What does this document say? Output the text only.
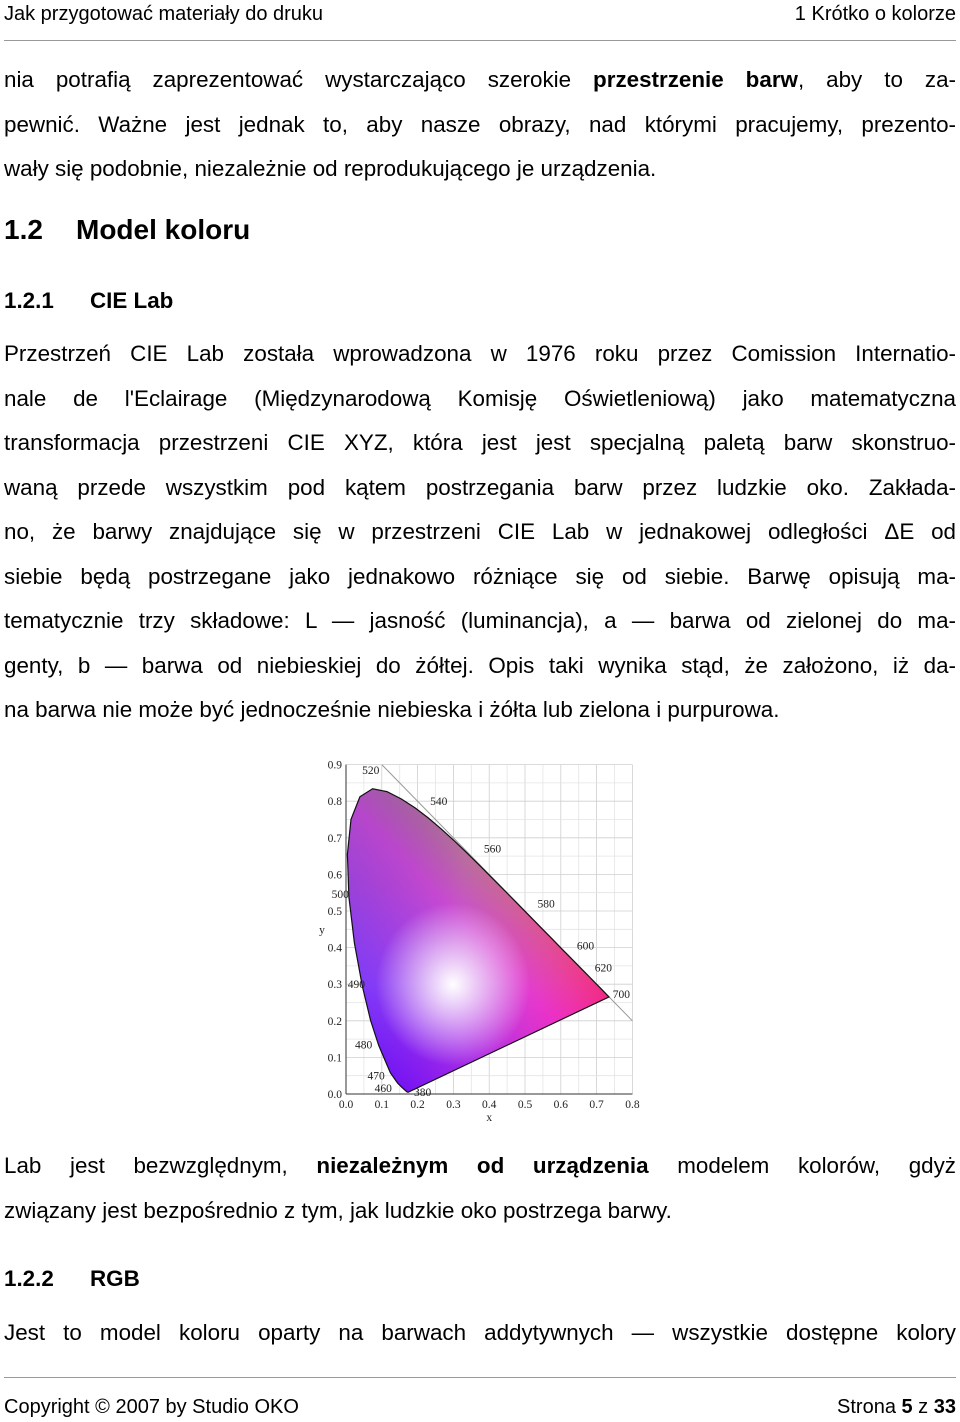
Jak przygotować materiały do druku	1 Krótko o kolorze

nia potrafią zaprezentować wystarczająco szerokie przestrzenie barw, aby to za-
pewnić. Ważne jest jednak to, aby nasze obrazy, nad którymi pracujemy, prezento-
wały się podobnie, niezależnie od reprodukującego je urządzenia.

1.2 Model koloru
1.2.1 CIE Lab

Przestrzeń CIE Lab została wprowadzona w 1976 roku przez Comission Internatio-
nale de l'Eclairage (Międzynarodową Komisję Oświetleniową) jako matematyczna
transformacja przestrzeni CIE XYZ, która jest jest specjalną paletą barw skonstruo-
waną przede wszystkim pod kątem postrzegania barw przez ludzkie oko. Zakłada-
no, że barwy znajdujące się w przestrzeni CIE Lab w jednakowej odległości ΔE od
siebie będą postrzegane jako jednakowo różniące się od siebie. Barwę opisują ma-
tematycznie trzy składowe: L — jasność (luminancja), a — barwa od zielonej do ma-
genty, b — barwa od niebieskiej do żółtej. Opis taki wynika stąd, że założono, iż da-
na barwa nie może być jednocześnie niebieska i żółta lub zielona i purpurowa.

0.0 0.1 0.2 0.3 0.4 0.5 0.6 0.7 0.8
0.0
0.1
0.2
0.3
0.4
0.5
0.6
0.7
0.8
0.9
380
460
470
480
490
500
520
540
560
580
600
620
700
x
y

Lab jest bezwzględnym, niezależnym od urządzenia modelem kolorów, gdyż
związany jest bezpośrednio z tym, jak ludzkie oko postrzega barwy.

1.2.2 RGB

Jest to model koloru oparty na barwach addytywnych — wszystkie dostępne kolory

Copyright © 2007 by Studio OKO	Strona 5 z 33
